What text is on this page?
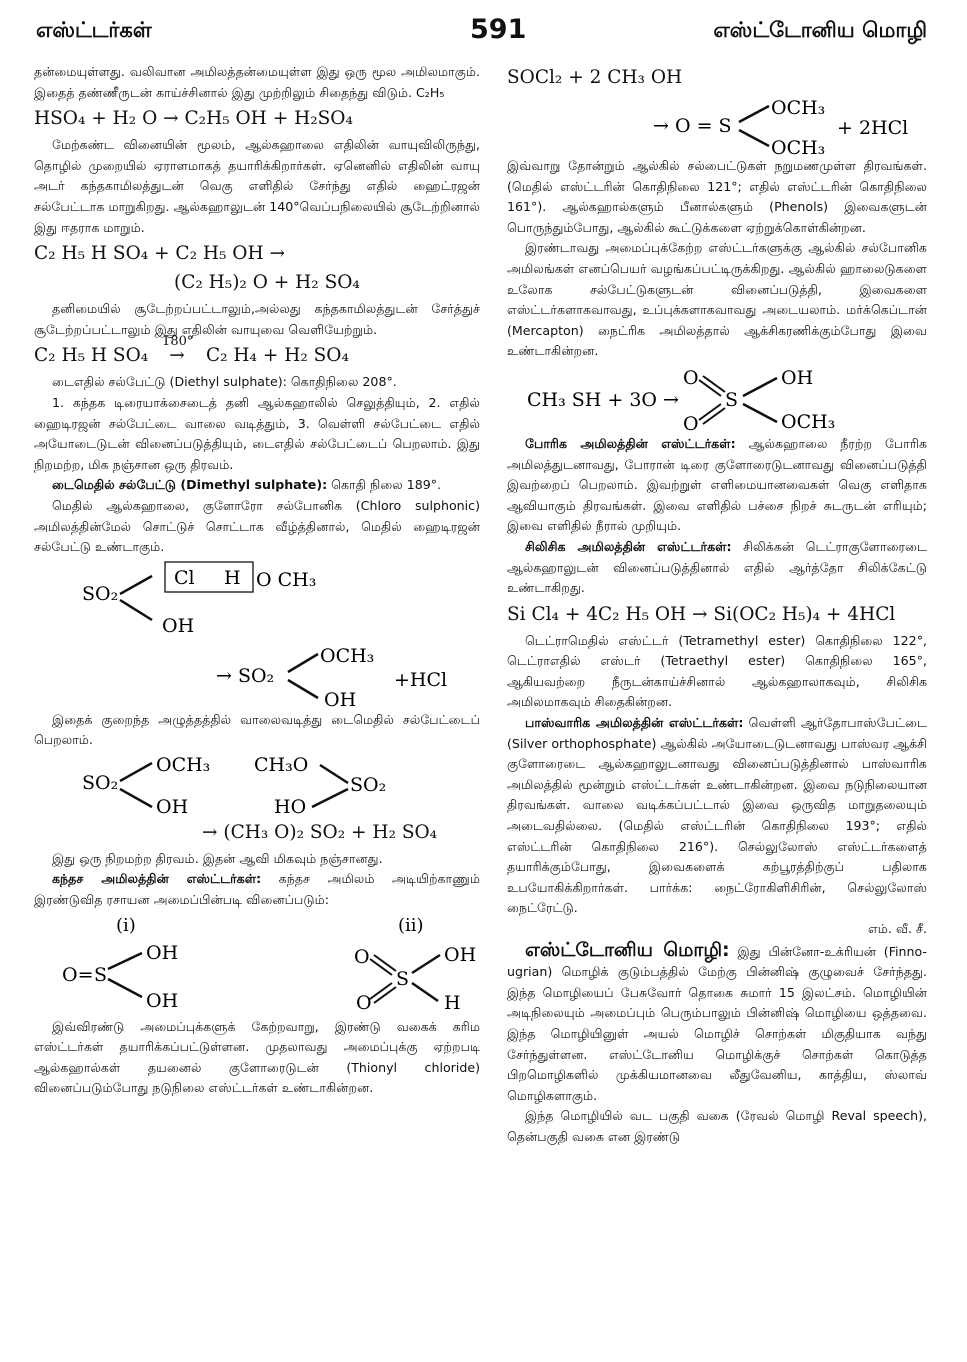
எஸ்ட்டர்கள்	591	எஸ்ட்டோனிய மொழி

தன்மையுள்ளது. வலிவான அமிலத்தன்மையுள்ள இது ஒரு மூல அமிலமாகும். இதைத் தண்ணீருடன் காய்ச்சினால் இது முற்றிலும் சிதைந்து விடும். C₂H₅

HSO₄ + H₂ O → C₂H₅ OH + H₂SO₄

மேற்கண்ட வினையின் மூலம், ஆல்கஹாலை எதிலின் வாயுவிலிருந்து, தொழில் முறையில் ஏராளமாகத் தயாரிக்கிறார்கள். ஏனெனில் எதிலின் வாயு அடர் கந்தகாமிலத்துடன் வெகு எளிதில் சேர்ந்து எதில் ஹைட்ரஜன் சல்பேட்டாக மாறுகிறது. ஆல்கஹாலுடன் 140°வெப்பநிலையில் சூடேற்றினால் இது ஈதராக மாறும்.

C₂ H₅ H SO₄ + C₂ H₅ OH →
(C₂ H₅)₂ O + H₂ SO₄

தனிமையில் சூடேற்றப்பட்டாலும்,அல்லது கந்தகாமிலத்துடன் சேர்த்துச் சூடேற்றப்பட்டாலும் இது எதிலின் வாயுவை வெளியேற்றும்.

C₂ H₅ H SO₄
180°
→ C₂ H₄ + H₂ SO₄

டைஎதில் சல்பேட்டு (Diethyl sulphate): கொதிநிலை 208°.

1. கந்தக டிரையாக்சைடைத் தனி ஆல்கஹாலில் செலுத்தியும், 2. எதில் ஹைடிரஜன் சல்பேட்டை வாலை வடித்தும், 3. வெள்ளி சல்பேட்டை எதில் அயோடைடுடன் வினைப்படுத்தியும், டைஎதில் சல்பேட்டைப் பெறலாம். இது நிறமற்ற, மிக நஞ்சான ஒரு திரவம்.

டைமெதில் சல்பேட்டு (Dimethyl sulphate): கொதி நிலை 189°.

மெதில் ஆல்கஹாலை, குளோரோ சல்போனிக (Chloro sulphonic) அமிலத்தின்மேல் சொட்டுச் சொட்டாக வீழ்த்தினால், மெதில் ஹைடிரஜன் சல்பேட்டு உண்டாகும்.

SO₂
Cl H O CH₃
OH
→ SO₂
OCH₃
OH
+HCl

இதைக் குறைந்த அழுத்தத்தில் வாலைவடித்து டைமெதில் சல்பேட்டைப் பெறலாம்.

SO₂
OCH₃
OH
CH₃O
HO
SO₂
→ (CH₃ O)₂ SO₂ + H₂ SO₄

இது ஒரு நிறமற்ற திரவம். இதன் ஆவி மிகவும் நஞ்சானது.

கந்தச அமிலத்தின் எஸ்ட்டர்கள்: கந்தச அமிலம் அடியிற்காணும் இரண்டுவித ரசாயன அமைப்பின்படி வினைப்படும்:

(i)	(ii)
O= S
OH
OH
O
O
S
OH
H

இவ்விரண்டு அமைப்புக்களுக் கேற்றவாறு, இரண்டு வகைக் கரிம எஸ்ட்டர்கள் தயாரிக்கப்பட்டுள்ளன. முதலாவது அமைப்புக்கு ஏற்றபடி ஆல்கஹால்கள் தயனைல் குளோரைடுடன் (Thionyl chloride) வினைப்படும்போது நடுநிலை எஸ்ட்டர்கள் உண்டாகின்றன.

SOCl₂ + 2 CH₃ OH
→ O = S
OCH₃
OCH₃
+ 2HCl

இவ்வாறு தோன்றும் ஆல்கில் சல்பைட்டுகள் நறுமணமுள்ள திரவங்கள். (மெதில் எஸ்ட்டரின் கொதிநிலை 121°; எதில் எஸ்ட்டரின் கொதிநிலை 161°). ஆல்கஹால்களும் பீனால்களும் (Phenols) இவைகளுடன் பொருந்தும்போது, ஆல்கில் கூட்டுக்களை ஏற்றுக்கொள்கின்றன.

இரண்டாவது அமைப்புக்கேற்ற எஸ்ட்டர்களுக்கு ஆல்கில் சல்போனிக அமிலங்கள் எனப்பெயர் வழங்கப்பட்டிருக்கிறது. ஆல்கில் ஹாலைடுகளை உலோக சல்பேட்டுகளுடன் வினைப்படுத்தி, இவைகளை எஸ்ட்டர்களாகவாவது, உப்புக்களாகவாவது அடையலாம். மர்க்கெப்டான் (Mercapton) நைட்ரிக அமிலத்தால் ஆக்சிகரணிக்கும்போது இவை உண்டாகின்றன.

CH₃ SH + 3O →
O
O
S
OH
OCH₃

போரிக அமிலத்தின் எஸ்ட்டர்கள்: ஆல்கஹாலை நீரற்ற போரிக அமிலத்துடனாவது, போரான் டிரை குளோரைடுடனாவது வினைப்படுத்தி இவற்றைப் பெறலாம். இவற்றுள் எளிமையானவைகள் வெகு எளிதாக ஆவியாகும் திரவங்கள். இவை எளிதில் பச்சை நிறச் சுடருடன் எரியும்; இவை எளிதில் நீரால் முறியும்.

சிலிசிக அமிலத்தின் எஸ்ட்டர்கள்: சிலிக்கன் டெட்ராகுளோரைடை ஆல்கஹாலுடன் வினைப்படுத்தினால் எதில் ஆர்த்தோ சிலிக்கேட்டு உண்டாகிறது.

Si Cl₄ + 4C₂ H₅ OH → Si(OC₂ H₅)₄ + 4HCl

டெட்ராமெதில் எஸ்ட்டர் (Tetramethyl ester) கொதிநிலை 122°, டெட்ராஎதில் எஸ்டர் (Tetraethyl ester) கொதிநிலை 165°, ஆகியவற்றை நீருடன்காய்ச்சினால் ஆல்கஹாலாகவும், சிலிசிக அமிலமாகவும் சிதைகின்றன.

பாஸ்வாரிக அமிலத்தின் எஸ்ட்டர்கள்: வெள்ளி ஆர்தோபாஸ்பேட்டை (Silver orthophosphate) ஆல்கில் அயோடைடுடனாவது பாஸ்வர ஆக்சி குளோரைடை ஆல்கஹாலுடனாவது வினைப்படுத்தினால் பாஸ்வாரிக அமிலத்தில் மூன்றும் எஸ்ட்டர்கள் உண்டாகின்றன. இவை நடுநிலையான திரவங்கள். வாலை வடிக்கப்பட்டால் இவை ஒருவித மாறுதலையும் அடைவதில்லை. (மெதில் எஸ்ட்டரின் கொதிநிலை 193°; எதில் எஸ்ட்டரின் கொதிநிலை 216°). செல்லுலோஸ் எஸ்ட்டர்களைத் தயாரிக்கும்போது, இவைகளைக் கற்பூரத்திற்குப் பதிலாக உபயோகிக்கிறார்கள். பார்க்க: நைட்ரோகிளிசிரின், செல்லுலோஸ் நைட்ரேட்டு.

எம். வீ. சீ.

எஸ்ட்டோனிய மொழி: இது பின்னோ-உக்ரியன் (Finno-ugrian) மொழிக் குடும்பத்தில் மேற்கு பின்னிஷ் குழுவைச் சேர்ந்தது. இந்த மொழியைப் பேசுவோர் தொகை சுமார் 15 இலட்சம். மொழியின் அடிநிலையும் அமைப்பும் பெரும்பாலும் பின்னிஷ் மொழியை ஒத்தவை. இந்த மொழியினுள் அயல் மொழிச் சொற்கள் மிகுதியாக வந்து சேர்ந்துள்ளன. எஸ்ட்டோனிய மொழிக்குச் சொற்கள் கொடுத்த பிறமொழிகளில் முக்கியமானவை லீதுவேனிய, காத்திய, ஸ்லாவ் மொழிகளாகும்.

இந்த மொழியில் வட பகுதி வகை (ரேவல் மொழி Reval speech), தென்பகுதி வகை என இரண்டு
